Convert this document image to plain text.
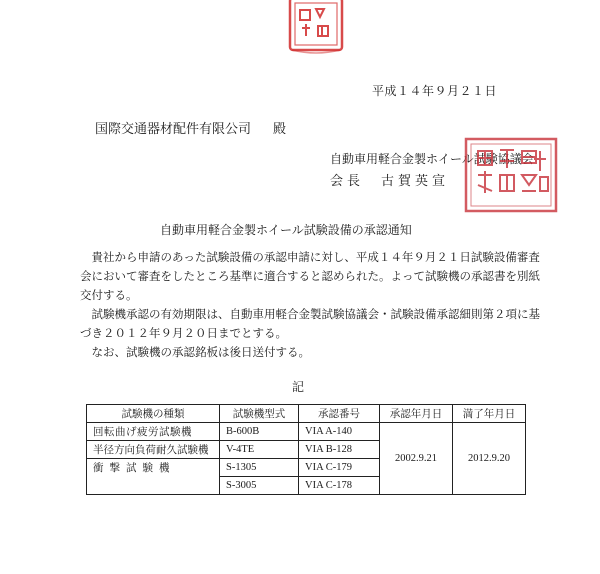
平成１４年９月２１日
国際交通器材配件有限公司 殿
自動車用軽合金製ホイール試験協議会
会長　古賀英宣
自動車用軽合金製ホイール試験設備の承認通知

貴社から申請のあった試験設備の承認申請に対し、平成１４年９月２１日試験設備審査会において審査をしたところ基準に適合すると認められた。よって試験機の承認書を別紙交付する。

試験機承認の有効期限は、自動車用軽合金製試験協議会・試験設備承認細則第２項に基づき２０１２年９月２０日までとする。

なお、試験機の承認銘板は後日送付する。

記
試験機の種類	試験機型式	承認番号	承認年月日	満了年月日
回転曲げ疲労試験機	B-600B	VIA A-140	2002.9.21	2012.9.20
半径方向負荷耐久試験機	V-4TE	VIA B-128		
衝撃試験機	S-1305	VIA C-179		
	S-3005	VIA C-178		
